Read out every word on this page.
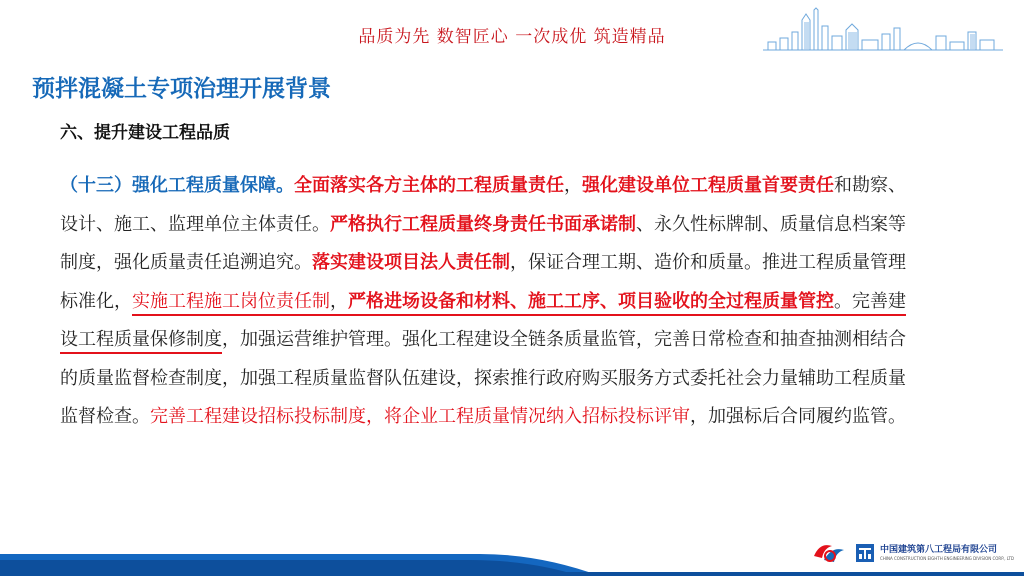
品质为先 数智匠心 一次成优 筑造精品
预拌混凝土专项治理开展背景
六、提升建设工程品质
（十三）强化工程质量保障。全面落实各方主体的工程质量责任，强化建设单位工程质量首要责任和勘察、设计、施工、监理单位主体责任。严格执行工程质量终身责任书面承诺制、永久性标牌制、质量信息档案等制度，强化质量责任追溯追究。落实建设项目法人责任制，保证合理工期、造价和质量。推进工程质量管理标准化，实施工程施工岗位责任制，严格进场设备和材料、施工工序、项目验收的全过程质量管控。完善建设工程质量保修制度，加强运营维护管理。强化工程建设全链条质量监管，完善日常检查和抽查抽测相结合的质量监督检查制度，加强工程质量监督队伍建设，探索推行政府购买服务方式委托社会力量辅助工程质量监督检查。完善工程建设招标投标制度，将企业工程质量情况纳入招标投标评审，加强标后合同履约监管。
中国建筑第八工程局有限公司
CHINA CONSTRUCTION EIGHTH ENGINEERING DIVISION CORP., LTD
